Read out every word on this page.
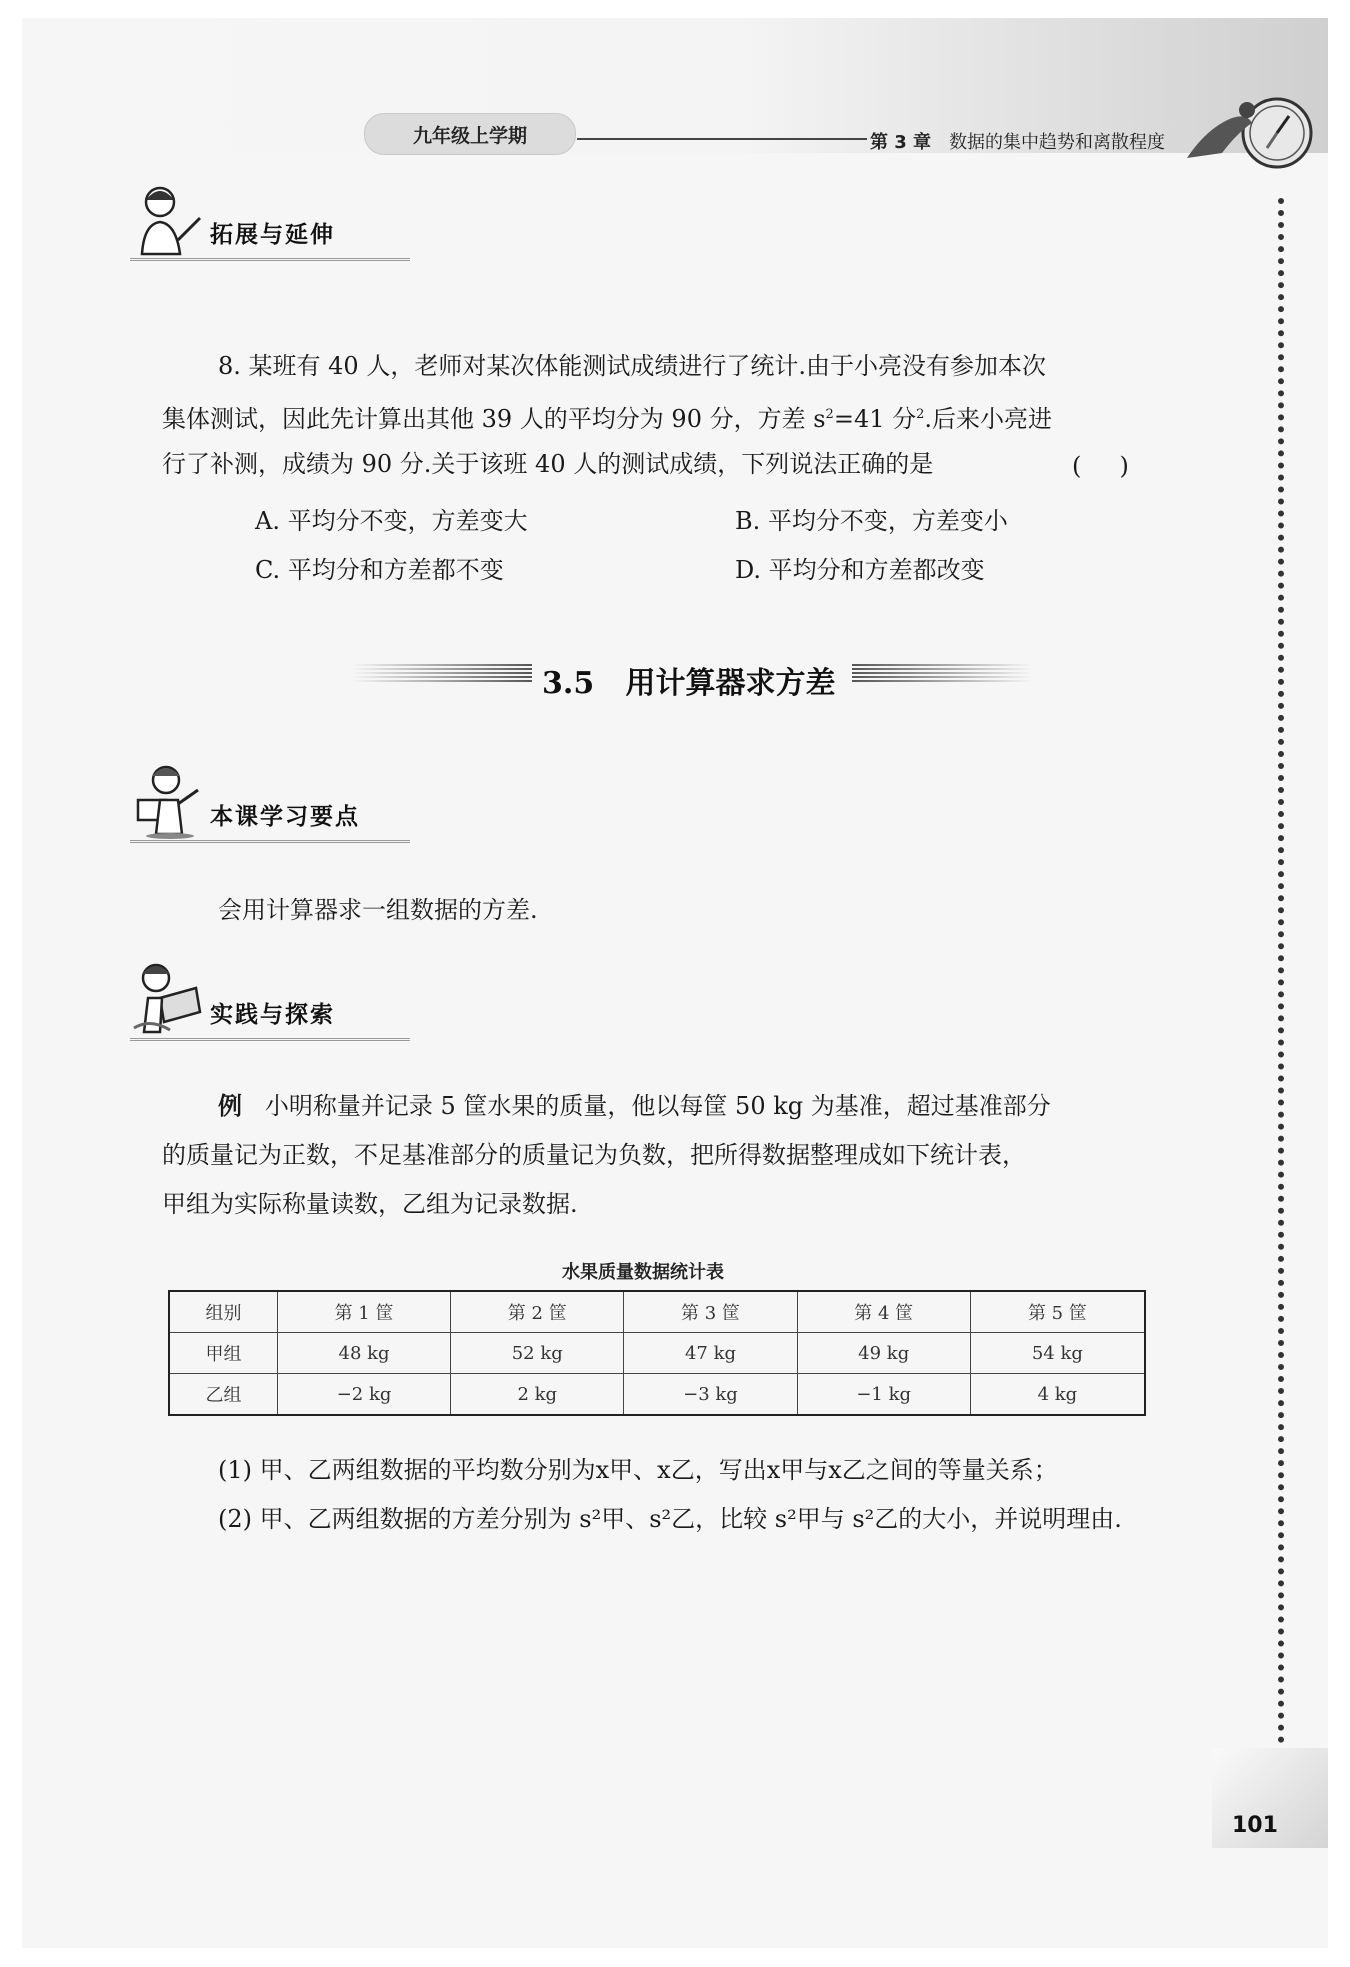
九年级上学期	第 3 章 数据的集中趋势和离散程度
拓展与延伸
8. 某班有 40 人，老师对某次体能测试成绩进行了统计.由于小亮没有参加本次
集体测试，因此先计算出其他 39 人的平均分为 90 分，方差 $s^2=41$ 分$^2$.后来小亮进
行了补测，成绩为 90 分.关于该班 40 人的测试成绩，下列说法正确的是	(     )
A. 平均分不变，方差变大	B. 平均分不变，方差变小
C. 平均分和方差都不变	D. 平均分和方差都改变
3.5 用计算器求方差
本课学习要点
会用计算器求一组数据的方差.
实践与探索
例 小明称量并记录 5 筐水果的质量，他以每筐 50 kg 为基准，超过基准部分
的质量记为正数，不足基准部分的质量记为负数，把所得数据整理成如下统计表，
甲组为实际称量读数，乙组为记录数据.
水果质量数据统计表
组别	第 1 筐	第 2 筐	第 3 筐	第 4 筐	第 5 筐
甲组	48 kg	52 kg	47 kg	49 kg	54 kg
乙组	−2 kg	2 kg	−3 kg	−1 kg	4 kg
(1) 甲、乙两组数据的平均数分别为x甲、x乙，写出x甲与x乙之间的等量关系；
(2) 甲、乙两组数据的方差分别为 s²甲、s²乙，比较 s²甲与 s²乙的大小，并说明理由.
101
